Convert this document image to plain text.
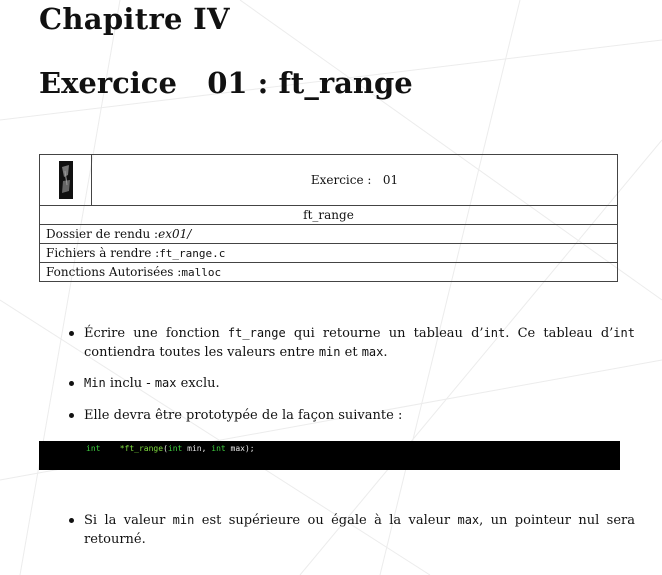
Chapitre IV
Exercice   01 : ft_range
Exercice :   01
ft_range
Dossier de rendu : ex01/
Fichiers à rendre : ft_range.c
Fonctions Autorisées : malloc
Écrire une fonction ft_range qui retourne un tableau d’int. Ce tableau d’int contiendra toutes les valeurs entre min et max.
Min inclu - max exclu.
Elle devra être prototypée de la façon suivante :
int *ft_range(int min, int max);
Si la valeur min est supérieure ou égale à la valeur max, un pointeur nul sera retourné.
